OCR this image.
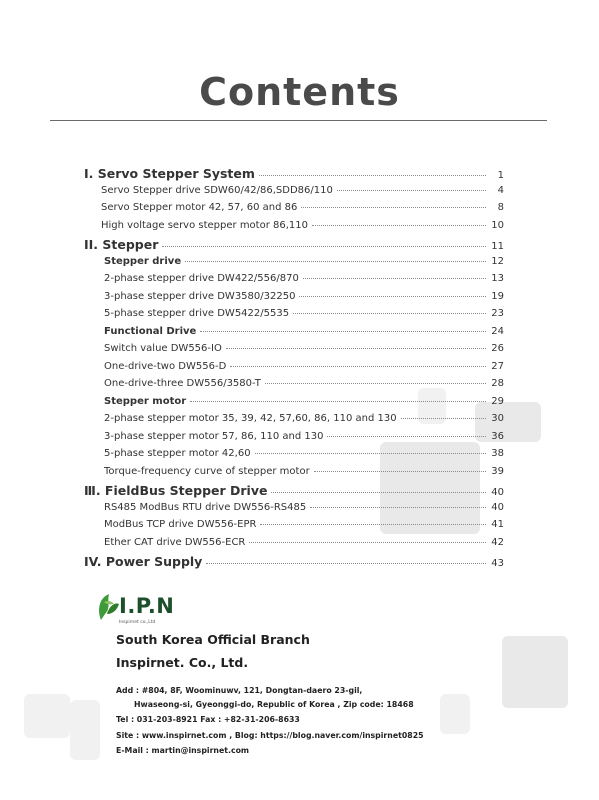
Contents
I. Servo Stepper System	1
Servo Stepper drive SDW60/42/86,SDD86/110	4
Servo Stepper motor 42, 57, 60 and 86	8
High voltage servo stepper motor 86,110	10
II. Stepper	11
Stepper drive	12
2-phase stepper drive DW422/556/870	13
3-phase stepper drive DW3580/32250	19
5-phase stepper drive DW5422/5535	23
Functional Drive	24
Switch value DW556-IO	26
One-drive-two DW556-D	27
One-drive-three DW556/3580-T	28
Stepper motor	29
2-phase stepper motor 35, 39, 42, 57,60, 86, 110 and 130	30
3-phase stepper motor 57, 86, 110 and 130	36
5-phase stepper motor 42,60	38
Torque-frequency curve of stepper motor	39
Ⅲ. FieldBus Stepper Drive	40
RS485 ModBus RTU drive DW556-RS485	40
ModBus TCP drive DW556-EPR	41
Ether CAT drive DW556-ECR	42
IV. Power Supply	43
I.P.N
Inspirnet co.,Ltd
South Korea Official Branch
Inspirnet. Co., Ltd.
Add : #804, 8F, Woominuwv, 121, Dongtan-daero 23-gil,
Hwaseong-si, Gyeonggi-do, Republic of Korea , Zip code: 18468
Tel : 031-203-8921 Fax : +82-31-206-8633
Site : www.inspirnet.com , Blog: https://blog.naver.com/inspirnet0825
E-Mail : martin@inspirnet.com
